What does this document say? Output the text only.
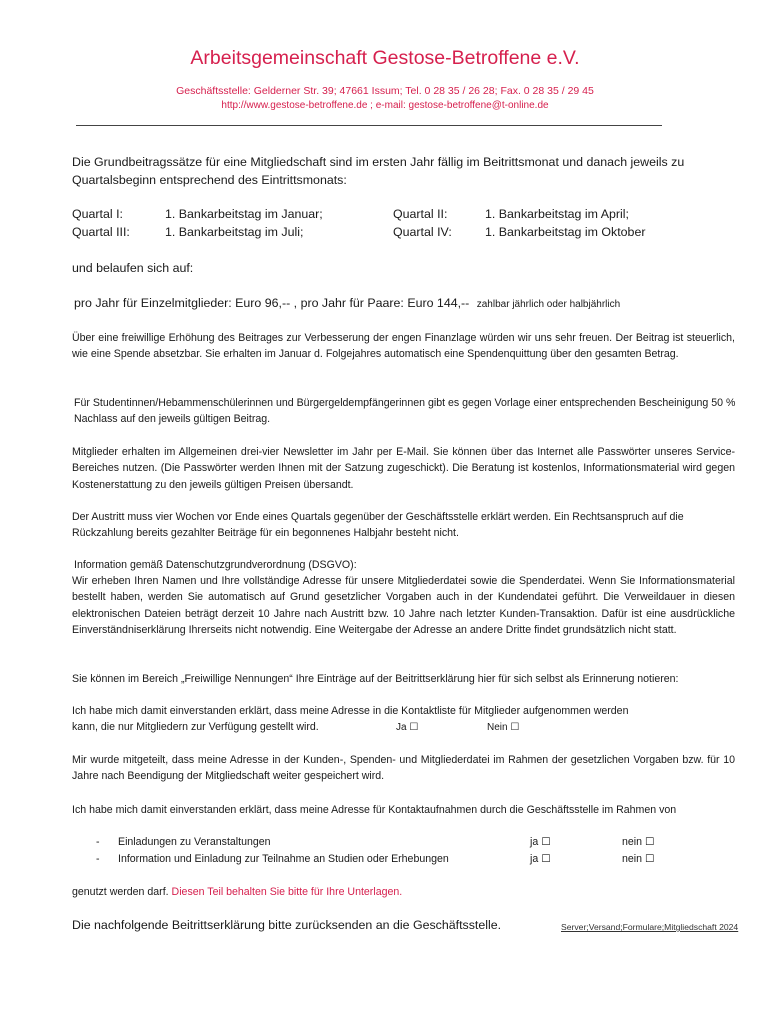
Arbeitsgemeinschaft Gestose-Betroffene e.V.
Geschäftsstelle: Gelderner Str. 39; 47661 Issum; Tel. 0 28 35 / 26 28; Fax. 0 28 35 / 29 45
http://www.gestose-betroffene.de ; e-mail: gestose-betroffene@t-online.de
Die Grundbeitragssätze für eine Mitgliedschaft sind im ersten Jahr fällig im Beitrittsmonat und danach jeweils zu Quartalsbeginn entsprechend des Eintrittsmonats:
Quartal I:	1. Bankarbeitstag im Januar;	Quartal II:	1. Bankarbeitstag im April;
Quartal III:	1. Bankarbeitstag im Juli;	Quartal IV:	1. Bankarbeitstag im Oktober
und belaufen sich auf:
pro Jahr für Einzelmitglieder: Euro 96,-- , pro Jahr für Paare: Euro 144,-- zahlbar jährlich oder halbjährlich
Über eine freiwillige Erhöhung des Beitrages zur Verbesserung der engen Finanzlage würden wir uns sehr freuen. Der Beitrag ist steuerlich, wie eine Spende absetzbar. Sie erhalten im Januar d. Folgejahres automatisch eine Spendenquittung über den gesamten Betrag.
Für Studentinnen/Hebammenschülerinnen und Bürgergeldempfängerinnen gibt es gegen Vorlage einer entsprechenden Bescheinigung 50 % Nachlass auf den jeweils gültigen Beitrag.
Mitglieder erhalten im Allgemeinen drei-vier Newsletter im Jahr per E-Mail. Sie können über das Internet alle Passwörter unseres Service-Bereiches nutzen. (Die Passwörter werden Ihnen mit der Satzung zugeschickt). Die Beratung ist kostenlos, Informationsmaterial wird gegen Kostenerstattung zu den jeweils gültigen Preisen übersandt.
Der Austritt muss vier Wochen vor Ende eines Quartals gegenüber der Geschäftsstelle erklärt werden. Ein Rechtsanspruch auf die Rückzahlung bereits gezahlter Beiträge für ein begonnenes Halbjahr besteht nicht.
Information gemäß Datenschutzgrundverordnung (DSGVO):
Wir erheben Ihren Namen und Ihre vollständige Adresse für unsere Mitgliederdatei sowie die Spenderdatei. Wenn Sie Informationsmaterial bestellt haben, werden Sie automatisch auf Grund gesetzlicher Vorgaben auch in der Kundendatei geführt. Die Verweildauer in diesen elektronischen Dateien beträgt derzeit 10 Jahre nach Austritt bzw. 10 Jahre nach letzter Kunden-Transaktion. Dafür ist eine ausdrückliche Einverständniserklärung Ihrerseits nicht notwendig. Eine Weitergabe der Adresse an andere Dritte findet grundsätzlich nicht statt.
Sie können im Bereich „Freiwillige Nennungen“ Ihre Einträge auf der Beitrittserklärung hier für sich selbst als Erinnerung notieren:
Ich habe mich damit einverstanden erklärt, dass meine Adresse in die Kontaktliste für Mitglieder aufgenommen werden
kann, die nur Mitgliedern zur Verfügung gestellt wird.	Ja ☐	Nein ☐
Mir wurde mitgeteilt, dass meine Adresse in der Kunden-, Spenden- und Mitgliederdatei im Rahmen der gesetzlichen Vorgaben bzw. für 10 Jahre nach Beendigung der Mitgliedschaft weiter gespeichert wird.
Ich habe mich damit einverstanden erklärt, dass meine Adresse für Kontaktaufnahmen durch die Geschäftsstelle im Rahmen von
- Einladungen zu Veranstaltungen	ja ☐	nein ☐
- Information und Einladung zur Teilnahme an Studien oder Erhebungen	ja ☐	nein ☐
genutzt werden darf. Diesen Teil behalten Sie bitte für Ihre Unterlagen.
Die nachfolgende Beitrittserklärung bitte zurücksenden an die Geschäftsstelle.	Server;Versand;Formulare;Mitgliedschaft 2024
